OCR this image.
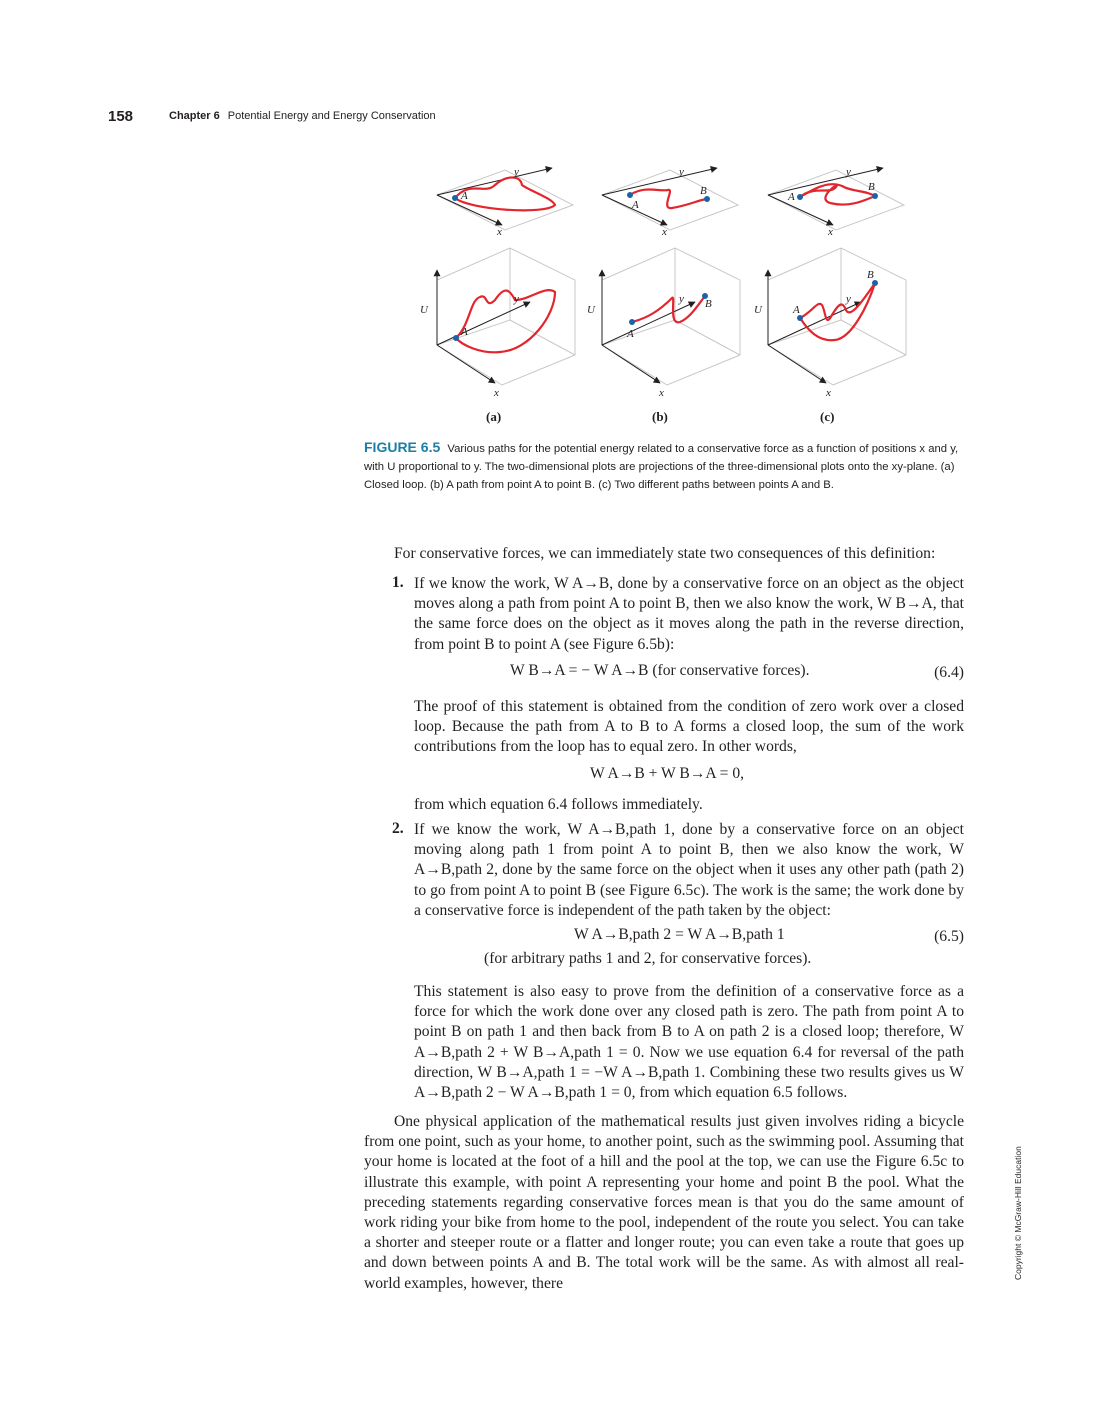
158	Chapter 6 Potential Energy and Energy Conservation
y
x
A
y
x
A
B
y
x
A
B
U
y
x
A
U
y
x
A
B	U
y
x
A
B
(a)	(b)	(c)
FIGURE 6.5 Various paths for the potential energy related to a conservative force as a function of positions x and y, with U proportional to y. The two-dimensional plots are projections of the three-dimensional plots onto the xy-plane. (a) Closed loop. (b) A path from point A to point B. (c) Two different paths between points A and B.
For conservative forces, we can immediately state two consequences of this definition:
1. If we know the work, W A→B, done by a conservative force on an object as the object moves along a path from point A to point B, then we also know the work, W B→A, that the same force does on the object as it moves along the path in the reverse direction, from point B to point A (see Figure 6.5b):
W B→A = − W A→B (for conservative forces).	(6.4)
The proof of this statement is obtained from the condition of zero work over a closed loop. Because the path from A to B to A forms a closed loop, the sum of the work contributions from the loop has to equal zero. In other words,
W A→B + W B→A = 0,
from which equation 6.4 follows immediately.
2. If we know the work, W A→B,path 1, done by a conservative force on an object moving along path 1 from point A to point B, then we also know the work, W A→B,path 2, done by the same force on the object when it uses any other path (path 2) to go from point A to point B (see Figure 6.5c). The work is the same; the work done by a conservative force is independent of the path taken by the object:
W A→B,path 2 = W A→B,path 1	(6.5)
(for arbitrary paths 1 and 2, for conservative forces).
This statement is also easy to prove from the definition of a conservative force as a force for which the work done over any closed path is zero. The path from point A to point B on path 1 and then back from B to A on path 2 is a closed loop; therefore, W A→B,path 2 + W B→A,path 1 = 0. Now we use equation 6.4 for reversal of the path direction, W B→A,path 1 = −W A→B,path 1. Combining these two results gives us W A→B,path 2 − W A→B,path 1 = 0, from which equation 6.5 follows.
One physical application of the mathematical results just given involves riding a bicycle from one point, such as your home, to another point, such as the swimming pool. Assuming that your home is located at the foot of a hill and the pool at the top, we can use the Figure 6.5c to illustrate this example, with point A representing your home and point B the pool. What the preceding statements regarding conservative forces mean is that you do the same amount of work riding your bike from home to the pool, independent of the route you select. You can take a shorter and steeper route or a flatter and longer route; you can even take a route that goes up and down between points A and B. The total work will be the same. As with almost all real-world examples, however, there
Copyright © McGraw-Hill Education
